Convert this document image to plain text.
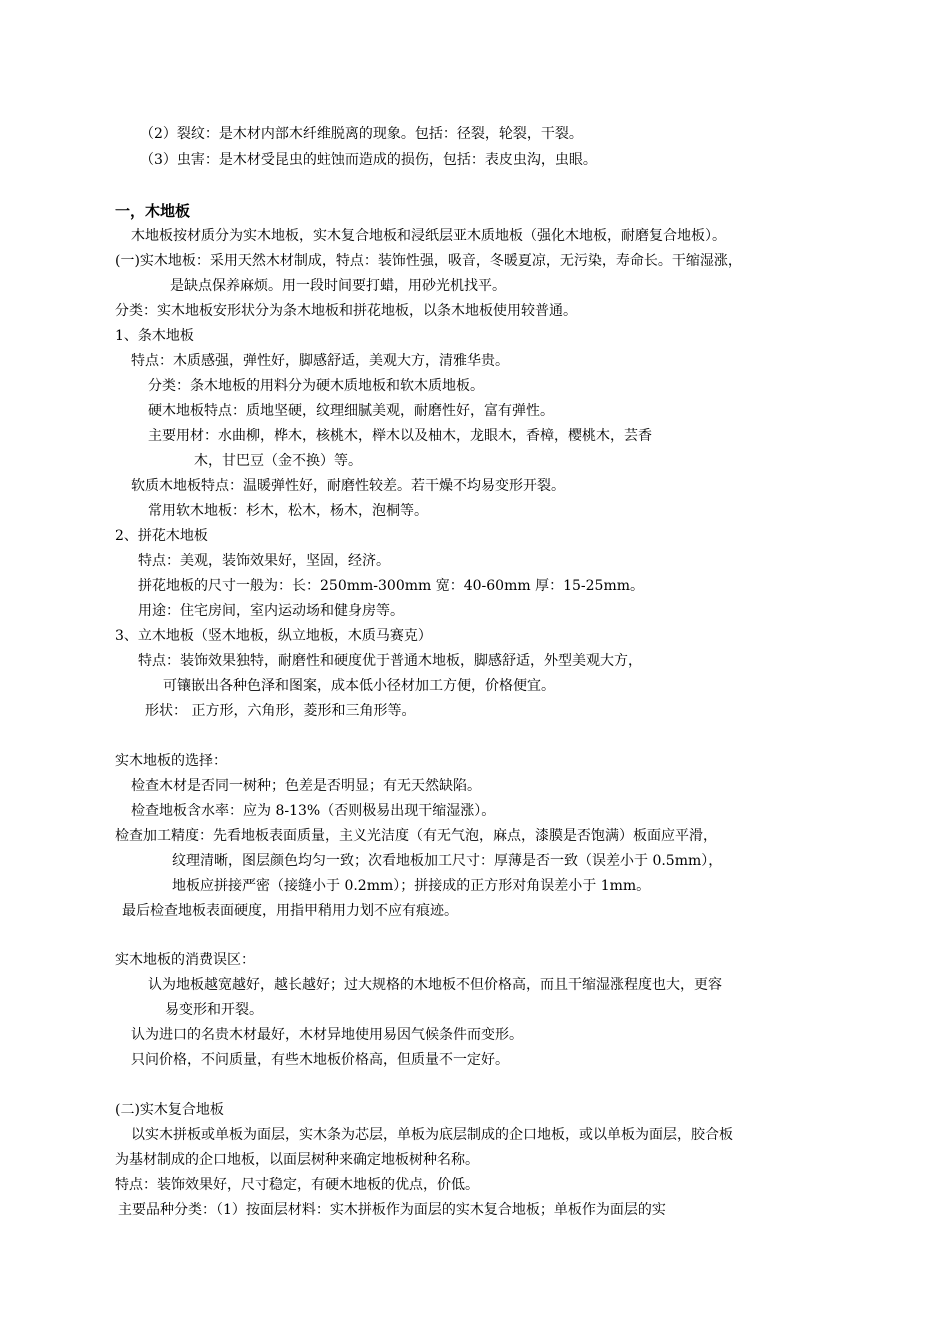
（2）裂纹：是木材内部木纤维脱离的现象。包括：径裂，轮裂，干裂。
（3）虫害：是木材受昆虫的蛀蚀而造成的损伤，包括：表皮虫沟，虫眼。
一，木地板
木地板按材质分为实木地板，实木复合地板和浸纸层亚木质地板（强化木地板，耐磨复合地板）。
(一)实木地板：采用天然木材制成，特点：装饰性强，吸音，冬暖夏凉，无污染，寿命长。干缩湿涨，
是缺点保养麻烦。用一段时间要打蜡，用砂光机找平。
分类：实木地板安形状分为条木地板和拼花地板，以条木地板使用较普通。
1、条木地板
特点：木质感强，弹性好，脚感舒适，美观大方，清雅华贵。
分类：条木地板的用料分为硬木质地板和软木质地板。
硬木地板特点：质地坚硬，纹理细腻美观，耐磨性好，富有弹性。
主要用材：水曲柳，桦木，核桃木，榉木以及柚木，龙眼木，香樟，樱桃木，芸香
木，甘巴豆（金不换）等。
软质木地板特点：温暖弹性好，耐磨性较差。若干燥不均易变形开裂。
常用软木地板：杉木，松木，杨木，泡桐等。
2、拼花木地板
特点：美观，装饰效果好，坚固，经济。
拼花地板的尺寸一般为：长：250mm-300mm 宽：40-60mm 厚：15-25mm。
用途：住宅房间，室内运动场和健身房等。
3、立木地板（竖木地板，纵立地板，木质马赛克）
特点：装饰效果独特，耐磨性和硬度优于普通木地板，脚感舒适，外型美观大方，
可镶嵌出各种色泽和图案，成本低小径材加工方便，价格便宜。
形状： 正方形，六角形，菱形和三角形等。
实木地板的选择：
检查木材是否同一树种；色差是否明显；有无天然缺陷。
检查地板含水率：应为 8-13%（否则极易出现干缩湿涨）。
检查加工精度：先看地板表面质量，主义光洁度（有无气泡，麻点，漆膜是否饱满）板面应平滑，
纹理清晰，图层颜色均匀一致；次看地板加工尺寸：厚薄是否一致（误差小于 0.5mm），
地板应拼接严密（接缝小于 0.2mm）；拼接成的正方形对角误差小于 1mm。
最后检查地板表面硬度，用指甲稍用力划不应有痕迹。
实木地板的消费误区：
认为地板越宽越好，越长越好；过大规格的木地板不但价格高，而且干缩湿涨程度也大，更容
易变形和开裂。
认为进口的名贵木材最好，木材异地使用易因气候条件而变形。
只问价格，不问质量，有些木地板价格高，但质量不一定好。
(二)实木复合地板
以实木拼板或单板为面层，实木条为芯层，单板为底层制成的企口地板，或以单板为面层，胶合板
为基材制成的企口地板，以面层树种来确定地板树种名称。
特点：装饰效果好，尺寸稳定，有硬木地板的优点，价低。
主要品种分类：（1）按面层材料：实木拼板作为面层的实木复合地板；单板作为面层的实
